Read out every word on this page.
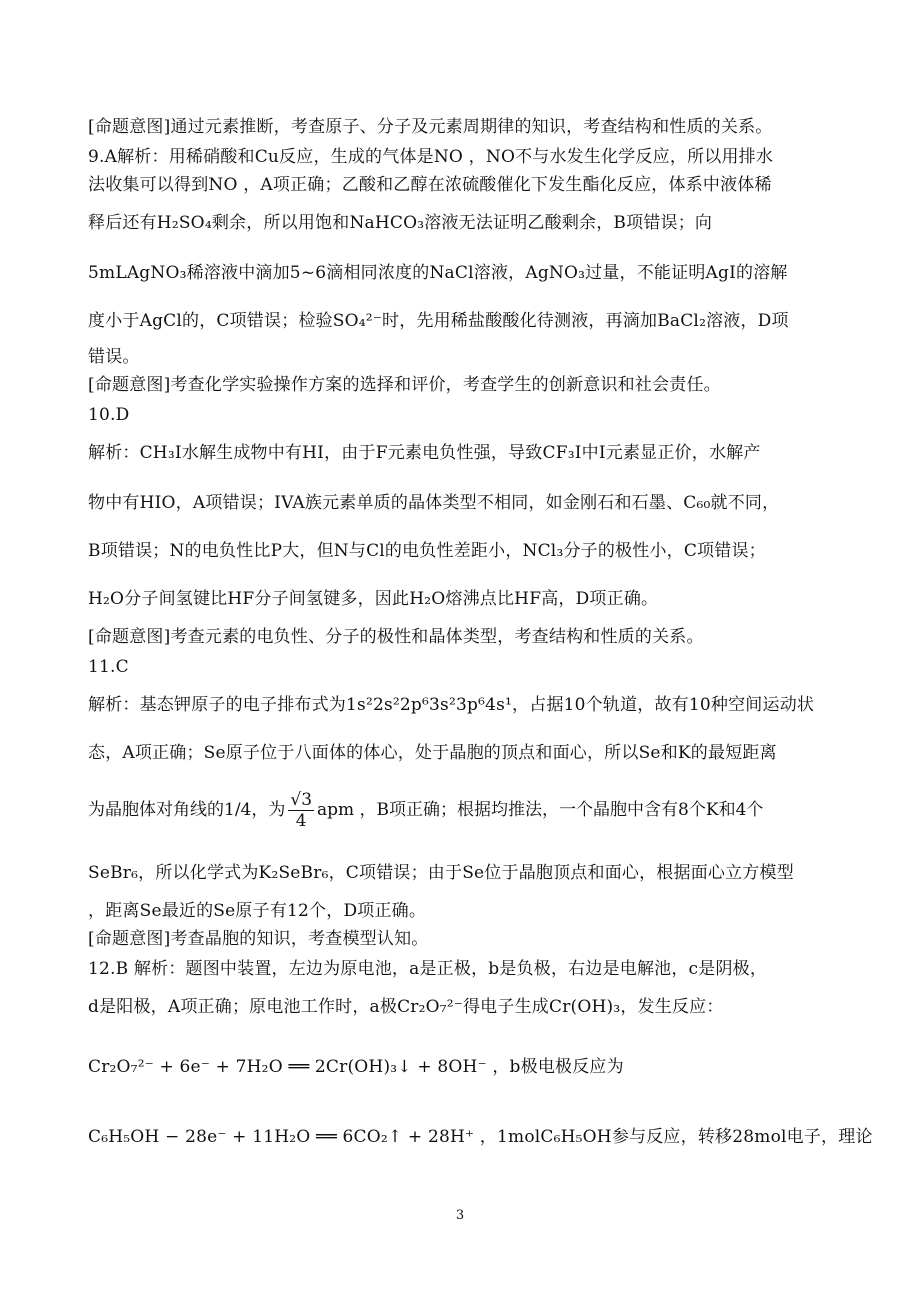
[命题意图]通过元素推断，考查原子、分子及元素周期律的知识，考查结构和性质的关系。
9.A解析：用稀硝酸和Cu反应，生成的气体是NO ，NO不与水发生化学反应，所以用排水
法收集可以得到NO ，A项正确；乙酸和乙醇在浓硫酸催化下发生酯化反应，体系中液体稀
释后还有H₂SO₄剩余，所以用饱和NaHCO₃溶液无法证明乙酸剩余，B项错误；向
5mLAgNO₃稀溶液中滴加5~6滴相同浓度的NaCl溶液，AgNO₃过量，不能证明AgI的溶解
度小于AgCl的，C项错误；检验SO₄²⁻时，先用稀盐酸酸化待测液，再滴加BaCl₂溶液，D项
错误。
[命题意图]考查化学实验操作方案的选择和评价，考查学生的创新意识和社会责任。
10.D
解析：CH₃I水解生成物中有HI，由于F元素电负性强，导致CF₃I中I元素显正价，水解产
物中有HIO，A项错误；IVA族元素单质的晶体类型不相同，如金刚石和石墨、C₆₀就不同，
B项错误；N的电负性比P大，但N与Cl的电负性差距小，NCl₃分子的极性小，C项错误；
H₂O分子间氢键比HF分子间氢键多，因此H₂O熔沸点比HF高，D项正确。
[命题意图]考查元素的电负性、分子的极性和晶体类型，考查结构和性质的关系。
11.C
解析：基态钾原子的电子排布式为1s²2s²2p⁶3s²3p⁶4s¹，占据10个轨道，故有10种空间运动状
态，A项正确；Se原子位于八面体的体心，处于晶胞的顶点和面心，所以Se和K的最短距离
为晶胞体对角线的1/4，为 $\frac{√3}{4}$ apm ，B项正确；根据均推法，一个晶胞中含有8个K和4个
SeBr₆，所以化学式为K₂SeBr₆，C项错误；由于Se位于晶胞顶点和面心，根据面心立方模型
，距离Se最近的Se原子有12个，D项正确。
[命题意图]考查晶胞的知识，考查模型认知。
12.B 解析：题图中装置，左边为原电池，a是正极，b是负极，右边是电解池，c是阴极，
d是阳极，A项正确；原电池工作时，a极Cr₂O₇²⁻得电子生成Cr(OH)₃，发生反应：
Cr₂O₇²⁻ + 6e⁻ + 7H₂O ══ 2Cr(OH)₃↓ + 8OH⁻ ，b极电极反应为
C₆H₅OH − 28e⁻ + 11H₂O ══ 6CO₂↑ + 28H⁺ ，1molC₆H₅OH参与反应，转移28mol电子，理论
3
